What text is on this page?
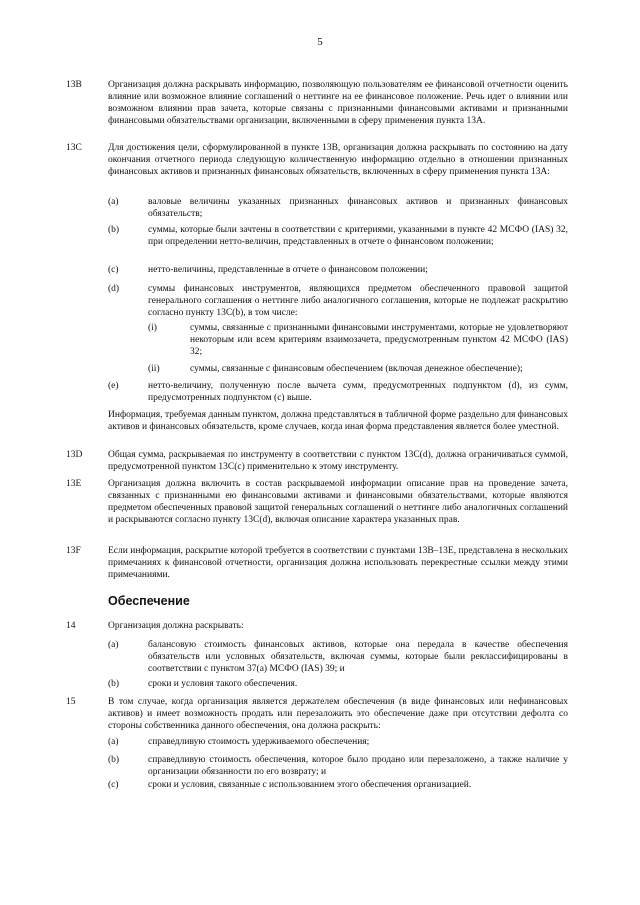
5
13B	Организация должна раскрывать информацию, позволяющую пользователям ее финансовой отчетности оценить влияние или возможное влияние соглашений о неттинге на ее финансовое положение. Речь идет о влиянии или возможном влиянии прав зачета, которые связаны с признанными финансовыми активами и признанными финансовыми обязательствами организации, включенными в сферу применения пункта 13А.
13C	Для достижения цели, сформулированной в пункте 13В, организация должна раскрывать по состоянию на дату окончания отчетного периода следующую количественную информацию отдельно в отношении признанных финансовых активов и признанных финансовых обязательств, включенных в сферу применения пункта 13А:
(a)	валовые величины указанных признанных финансовых активов и признанных финансовых обязательств;
(b)	суммы, которые были зачтены в соответствии с критериями, указанными в пункте 42 МСФО (IAS) 32, при определении нетто-величин, представленных в отчете о финансовом положении;
(c)	нетто-величины, представленные в отчете о финансовом положении;
(d)	суммы финансовых инструментов, являющихся предметом обеспеченного правовой защитой генерального соглашения о неттинге либо аналогичного соглашения, которые не подлежат раскрытию согласно пункту 13С(b), в том числе:
(i)	суммы, связанные с признанными финансовыми инструментами, которые не удовлетворяют некоторым или всем критериям взаимозачета, предусмотренным пунктом 42 МСФО (IAS) 32;
(ii)	суммы, связанные с финансовым обеспечением (включая денежное обеспечение);
(e)	нетто-величину, полученную после вычета сумм, предусмотренных подпунктом (d), из сумм, предусмотренных подпунктом (c) выше.
Информация, требуемая данным пунктом, должна представляться в табличной форме раздельно для финансовых активов и финансовых обязательств, кроме случаев, когда иная форма представления является более уместной.
13D	Общая сумма, раскрываемая по инструменту в соответствии с пунктом 13С(d), должна ограничиваться суммой, предусмотренной пунктом 13С(c) применительно к этому инструменту.
13E	Организация должна включить в состав раскрываемой информации описание прав на проведение зачета, связанных с признанными ею финансовыми активами и финансовыми обязательствами, которые являются предметом обеспеченных правовой защитой генеральных соглашений о неттинге либо аналогичных соглашений и раскрываются согласно пункту 13С(d), включая описание характера указанных прав.
13F	Если информация, раскрытие которой требуется в соответствии с пунктами 13В–13Е, представлена в нескольких примечаниях к финансовой отчетности, организация должна использовать перекрестные ссылки между этими примечаниями.
Обеспечение
14	Организация должна раскрывать:
(a)	балансовую стоимость финансовых активов, которые она передала в качестве обеспечения обязательств или условных обязательств, включая суммы, которые были реклассифицированы в соответствии с пунктом 37(a) МСФО (IAS) 39; и
(b)	сроки и условия такого обеспечения.
15	В том случае, когда организация является держателем обеспечения (в виде финансовых или нефинансовых активов) и имеет возможность продать или перезаложить это обеспечение даже при отсутствии дефолта со стороны собственника данного обеспечения, она должна раскрыть:
(a)	справедливую стоимость удерживаемого обеспечения;
(b)	справедливую стоимость обеспечения, которое было продано или перезаложено, а также наличие у организации обязанности по его возврату; и
(c)	сроки и условия, связанные с использованием этого обеспечения организацией.
